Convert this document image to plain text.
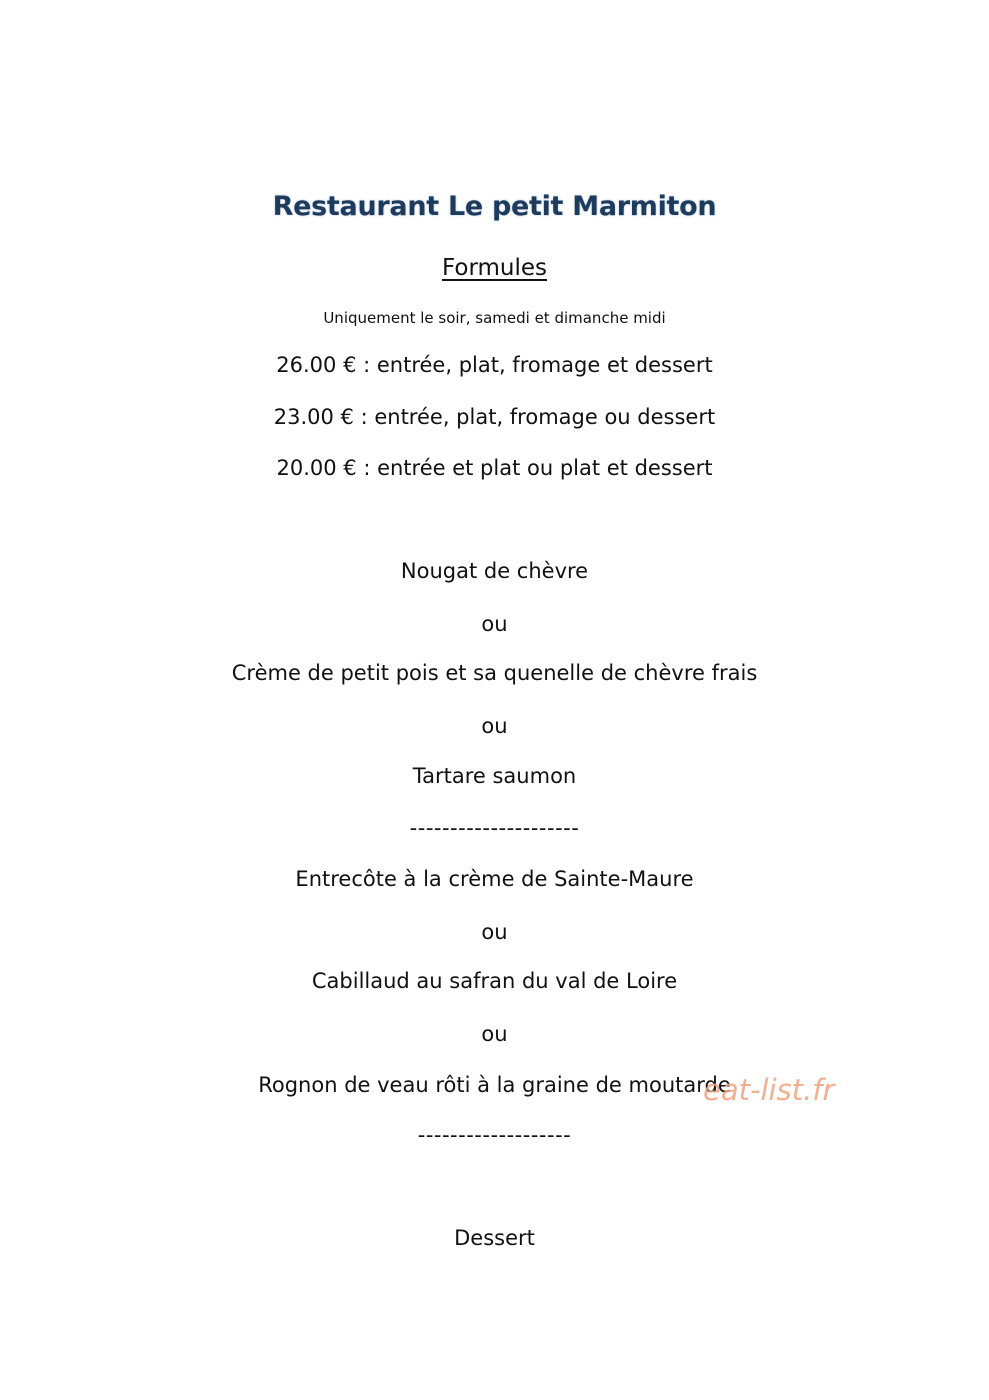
Restaurant Le petit Marmiton
Formules
Uniquement le soir, samedi et dimanche midi
26.00 € : entrée, plat, fromage et dessert
23.00 € : entrée, plat, fromage ou dessert
20.00 € : entrée et plat ou plat et dessert
Nougat de chèvre
ou
Crème de petit pois et sa quenelle de chèvre frais
ou
Tartare saumon
---------------------
Entrecôte à la crème de Sainte-Maure
ou
Cabillaud au safran du val de Loire
ou
Rognon de veau rôti à la graine de moutarde
-------------------
Dessert
eat-list.fr
